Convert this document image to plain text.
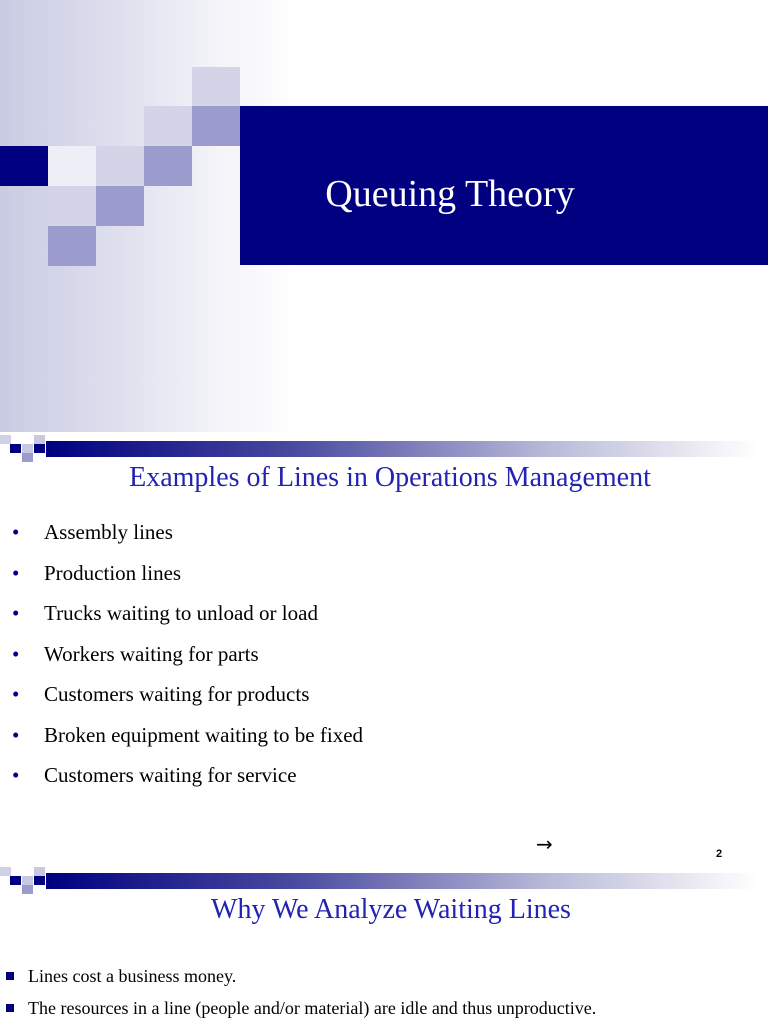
Queuing Theory
Examples of Lines in Operations Management
• Assembly lines
• Production lines
• Trucks waiting to unload or load
• Workers waiting for parts
• Customers waiting for products
• Broken equipment waiting to be fixed
• Customers waiting for service
→	2
Why We Analyze Waiting Lines
Lines cost a business money.
The resources in a line (people and/or material) are idle and thus unproductive.
